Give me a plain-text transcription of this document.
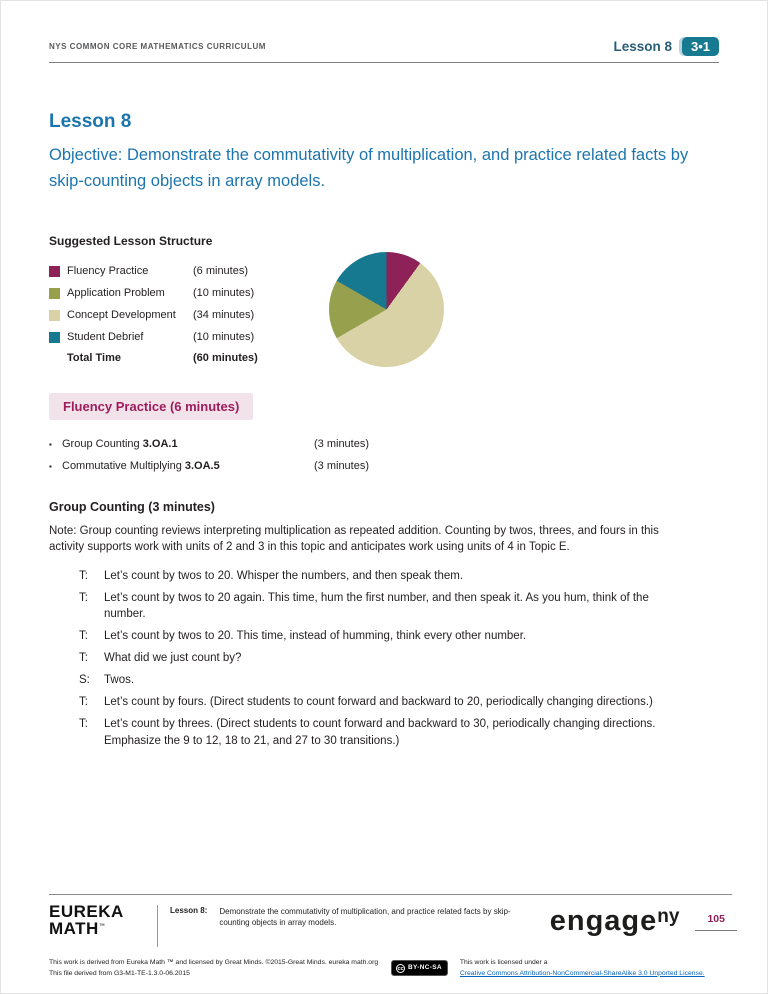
NYS COMMON CORE MATHEMATICS CURRICULUM	Lesson 8	3•1
Lesson 8

Objective: Demonstrate the commutativity of multiplication, and practice related facts by skip-counting objects in array models.

Suggested Lesson Structure
Fluency Practice	(6 minutes)
Application Problem	(10 minutes)
Concept Development	(34 minutes)
Student Debrief	(10 minutes)
Total Time	(60 minutes)
Fluency Practice (6 minutes)
▪ Group Counting 3.OA.1	(3 minutes)
▪ Commutative Multiplying 3.OA.5	(3 minutes)
Group Counting (3 minutes)

Note: Group counting reviews interpreting multiplication as repeated addition. Counting by twos, threes, and fours in this activity supports work with units of 2 and 3 in this topic and anticipates work using units of 4 in Topic E.

T:	Let’s count by twos to 20. Whisper the numbers, and then speak them.
T:	Let’s count by twos to 20 again. This time, hum the first number, and then speak it. As you hum, think of the number.
T:	Let’s count by twos to 20. This time, instead of humming, think every other number.
T:	What did we just count by?
S:	Twos.
T:	Let’s count by fours. (Direct students to count forward and backward to 20, periodically changing directions.)
T:	Let’s count by threes. (Direct students to count forward and backward to 30, periodically changing directions. Emphasize the 9 to 12, 18 to 21, and 27 to 30 transitions.)
EUREKA
MATH™
Lesson 8: Demonstrate the commutativity of multiplication, and practice related facts by skip-counting objects in array models.	engageny	105
This work is derived from Eureka Math ™ and licensed by Great Minds. ©2015-Great Minds. eureka math.org
This file derived from G3-M1-TE-1.3.0-06.2015
cc BY-NC-SA
This work is licensed under a
Creative Commons Attribution-NonCommercial-ShareAlike 3.0 Unported License.
